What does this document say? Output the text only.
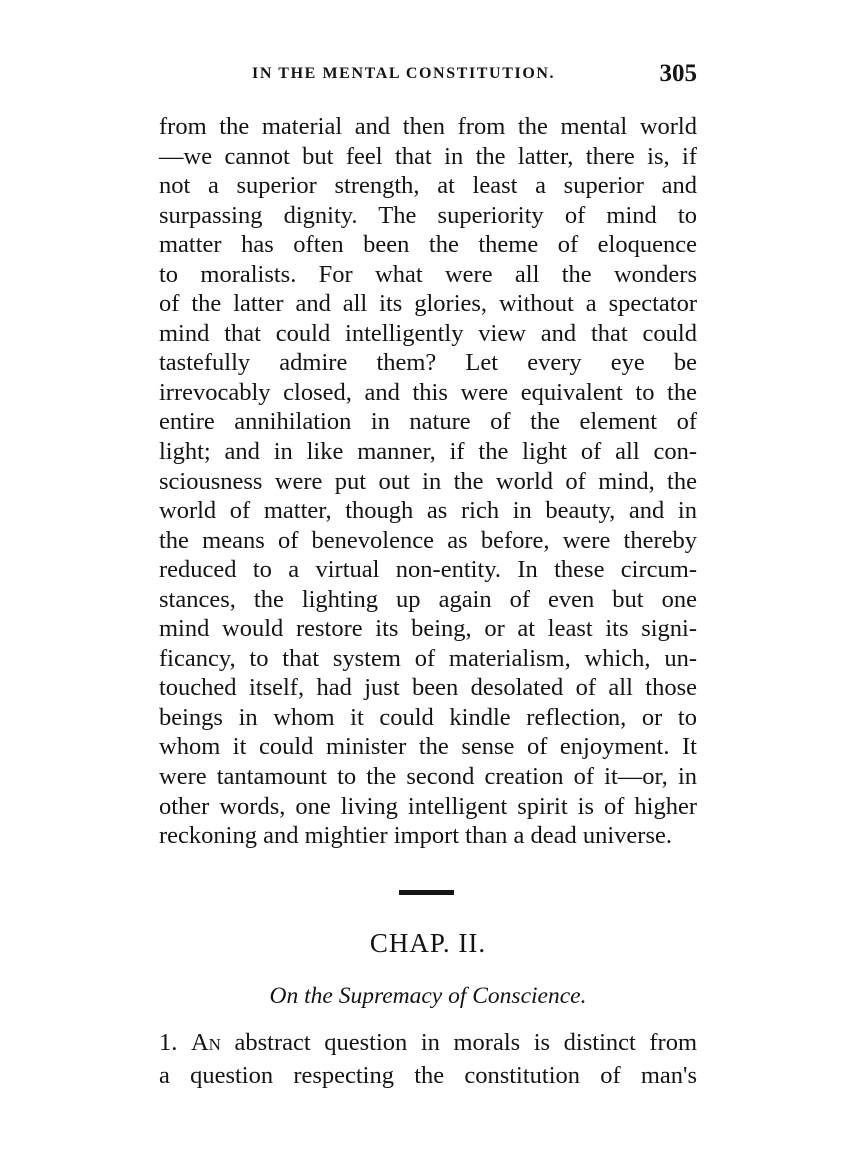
IN THE MENTAL CONSTITUTION.	305
from the material and then from the mental world
—we cannot but feel that in the latter, there is, if
not a superior strength, at least a superior and
surpassing dignity. The superiority of mind to
matter has often been the theme of eloquence
to moralists. For what were all the wonders
of the latter and all its glories, without a spectator
mind that could intelligently view and that could
tastefully admire them? Let every eye be
irrevocably closed, and this were equivalent to the
entire annihilation in nature of the element of
light; and in like manner, if the light of all con-
sciousness were put out in the world of mind, the
world of matter, though as rich in beauty, and in
the means of benevolence as before, were thereby
reduced to a virtual non-entity. In these circum-
stances, the lighting up again of even but one
mind would restore its being, or at least its signi-
ficancy, to that system of materialism, which, un-
touched itself, had just been desolated of all those
beings in whom it could kindle reflection, or to
whom it could minister the sense of enjoyment. It
were tantamount to the second creation of it—or, in
other words, one living intelligent spirit is of higher
reckoning and mightier import than a dead universe.
CHAP. II.
On the Supremacy of Conscience.
1. An abstract question in morals is distinct from
a question respecting the constitution of man's
